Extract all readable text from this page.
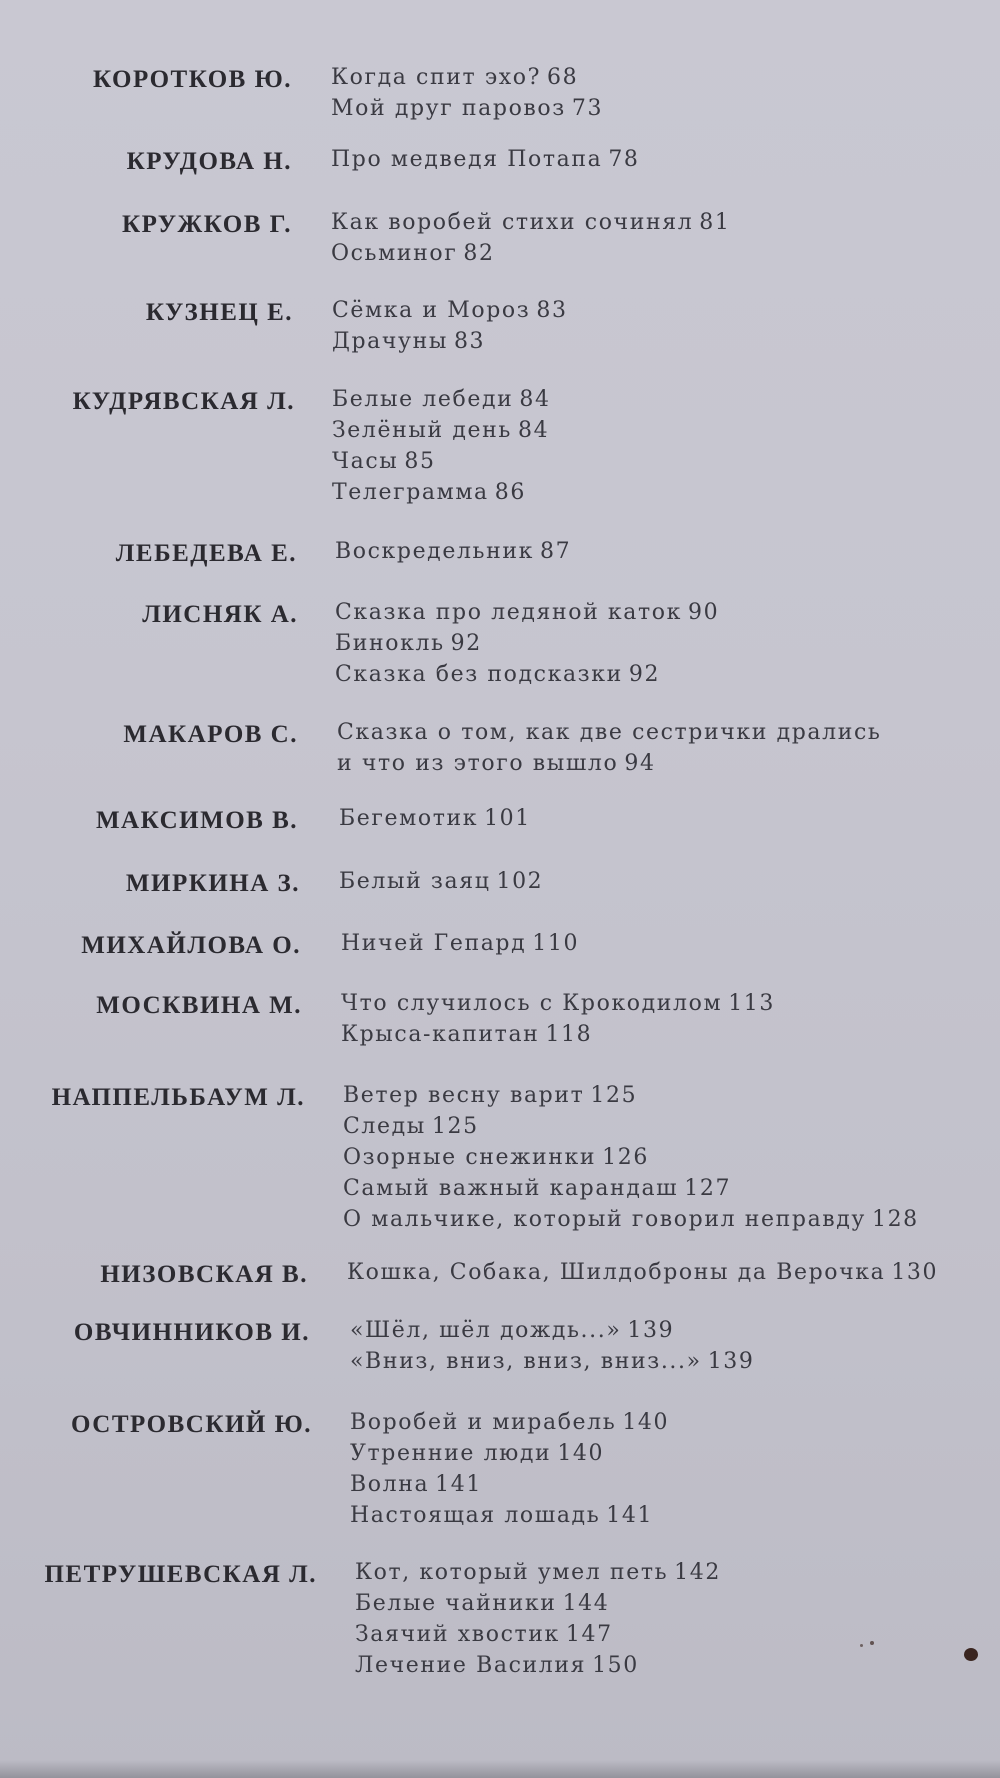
КОРОТКОВ Ю. Когда спит эхо? 68
Мой друг паровоз 73
КРУДОВА Н. Про медведя Потапа 78
КРУЖКОВ Г. Как воробей стихи сочинял 81
Осьминог 82
КУЗНЕЦ Е. Сёмка и Мороз 83
Драчуны 83
КУДРЯВСКАЯ Л. Белые лебеди 84
Зелёный день 84
Часы 85
Телеграмма 86
ЛЕБЕДЕВА Е. Воскредельник 87
ЛИСНЯК А. Сказка про ледяной каток 90
Бинокль 92
Сказка без подсказки 92
МАКАРОВ С. Сказка о том, как две сестрички дрались
и что из этого вышло 94
МАКСИМОВ В. Бегемотик 101
МИРКИНА З. Белый заяц 102
МИХАЙЛОВА О. Ничей Гепард 110
МОСКВИНА М. Что случилось с Крокодилом 113
Крыса-капитан 118
НАППЕЛЬБАУМ Л. Ветер весну варит 125
Следы 125
Озорные снежинки 126
Самый важный карандаш 127
О мальчике, который говорил неправду 128
НИЗОВСКАЯ В. Кошка, Собака, Шилдоброны да Верочка 130
ОВЧИННИКОВ И. «Шёл, шёл дождь...» 139
«Вниз, вниз, вниз, вниз...» 139
ОСТРОВСКИЙ Ю. Воробей и мирабель 140
Утренние люди 140
Волна 141
Настоящая лошадь 141
ПЕТРУШЕВСКАЯ Л. Кот, который умел петь 142
Белые чайники 144
Заячий хвостик 147
Лечение Василия 150
